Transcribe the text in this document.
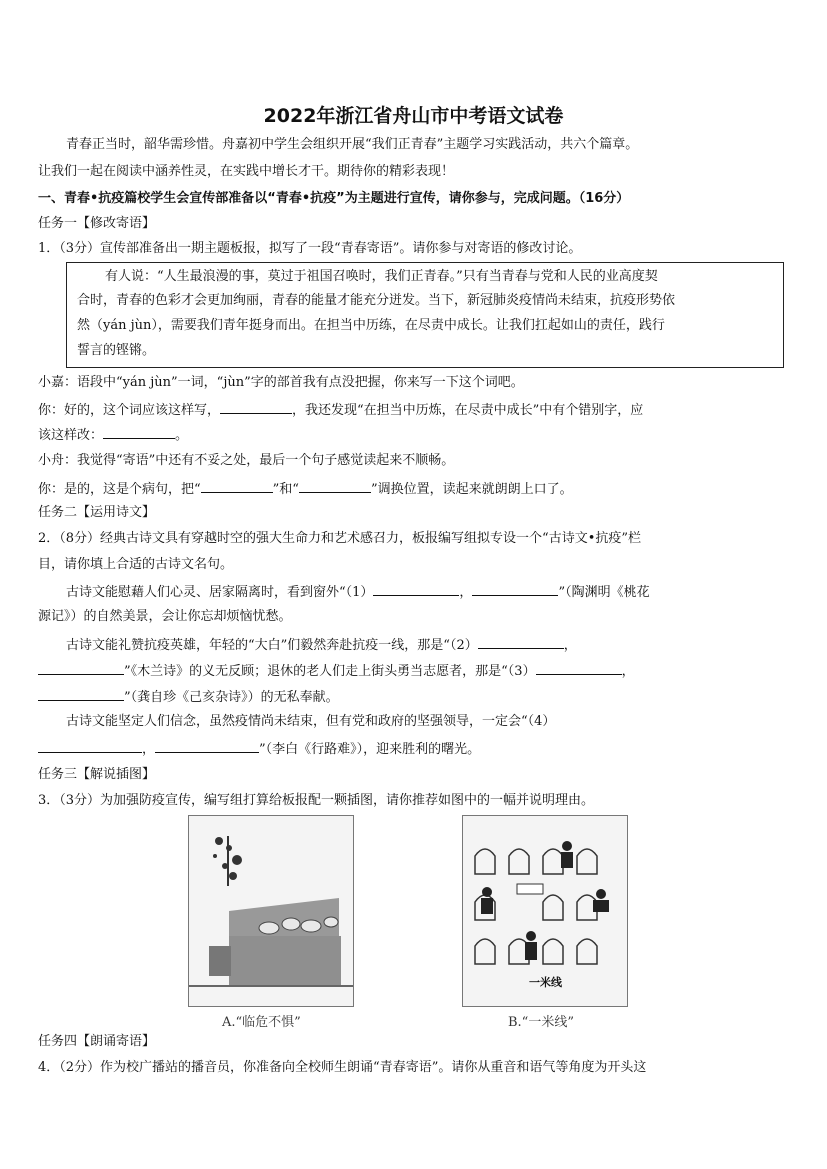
2022年浙江省舟山市中考语文试卷
青春正当时，韶华需珍惜。舟嘉初中学生会组织开展“我们正青春”主题学习实践活动，共六个篇章。
让我们一起在阅读中涵养性灵，在实践中增长才干。期待你的精彩表现！
一、青春•抗疫篇校学生会宣传部准备以“青春•抗疫”为主题进行宣传，请你参与，完成问题。（16分）
任务一【修改寄语】
1．（3分）宣传部准备出一期主题板报，拟写了一段“青春寄语”。请你参与对寄语的修改讨论。
有人说：“人生最浪漫的事，莫过于祖国召唤时，我们正青春。”只有当青春与党和人民的业高度契
合时，青春的色彩才会更加绚丽，青春的能量才能充分迸发。当下，新冠肺炎疫情尚未结束，抗疫形势依
然（yán jùn），需要我们青年挺身而出。在担当中历练，在尽责中成长。让我们扛起如山的责任，践行
誓言的铿锵。
小嘉：语段中“yán jùn”一词，“jùn”字的部首我有点没把握，你来写一下这个词吧。
你：好的，这个词应该这样写，	，我还发现“在担当中历炼，在尽责中成长”中有个错别字，应
该这样改：	。
小舟：我觉得“寄语”中还有不妥之处，最后一个句子感觉读起来不顺畅。
你：是的，这是个病句，把“	”和“	”调换位置，读起来就朗朗上口了。
任务二【运用诗文】
2．（8分）经典古诗文具有穿越时空的强大生命力和艺术感召力，板报编写组拟专设一个“古诗文•抗疫”栏
目，请你填上合适的古诗文名句。
古诗文能慰藉人们心灵、居家隔离时，看到窗外“（1）	，	”（陶渊明《桃花
源记》）的自然美景，会让你忘却烦恼忧愁。
古诗文能礼赞抗疫英雄，年轻的“大白”们毅然奔赴抗疫一线，那是“（2）	，
”《木兰诗》的义无反顾；退休的老人们走上街头勇当志愿者，那是“（3）	，
”（龚自珍《己亥杂诗》）的无私奉献。
古诗文能坚定人们信念，虽然疫情尚未结束，但有党和政府的坚强领导，一定会“（4）
，	”（李白《行路难》），迎来胜利的曙光。
任务三【解说插图】
3．（3分）为加强防疫宣传，编写组打算给板报配一颗插图，请你推荐如图中的一幅并说明理由。
A.“临危不惧”
一米线
B.“一米线”
任务四【朗诵寄语】
4．（2分）作为校广播站的播音员，你准备向全校师生朗诵“青春寄语”。请你从重音和语气等角度为开头这
